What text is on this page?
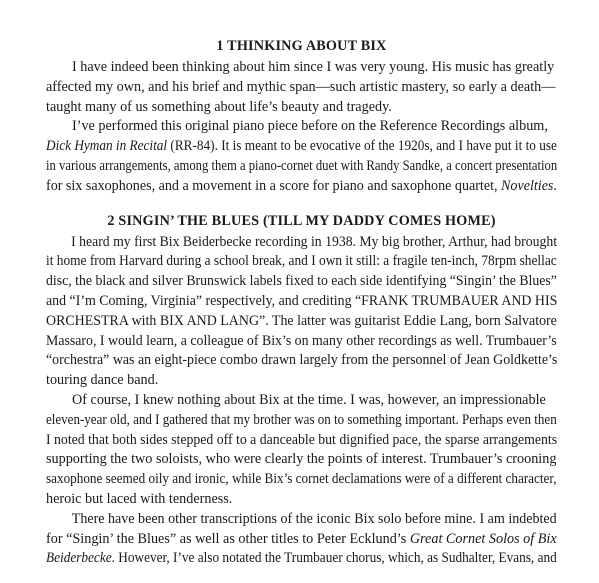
1 THINKING ABOUT BIX

I have indeed been thinking about him since I was very young. His music has greatly
affected my own, and his brief and mythic span—such artistic mastery, so early a death—
taught many of us something about life’s beauty and tragedy.

I’ve performed this original piano piece before on the Reference Recordings album,
Dick Hyman in Recital (RR-84). It is meant to be evocative of the 1920s, and I have put it to use
in various arrangements, among them a piano-cornet duet with Randy Sandke, a concert presentation
for six saxophones, and a movement in a score for piano and saxophone quartet, Novelties.

2 SINGIN’ THE BLUES (TILL MY DADDY COMES HOME)

I heard my first Bix Beiderbecke recording in 1938. My big brother, Arthur, had brought
it home from Harvard during a school break, and I own it still: a fragile ten-inch, 78rpm shellac
disc, the black and silver Brunswick labels fixed to each side identifying “Singin’ the Blues”
and “I’m Coming, Virginia” respectively, and crediting “FRANK TRUMBAUER AND HIS
ORCHESTRA with BIX AND LANG”. The latter was guitarist Eddie Lang, born Salvatore
Massaro, I would learn, a colleague of Bix’s on many other recordings as well. Trumbauer’s
“orchestra” was an eight-piece combo drawn largely from the personnel of Jean Goldkette’s
touring dance band.

Of course, I knew nothing about Bix at the time. I was, however, an impressionable
eleven-year old, and I gathered that my brother was on to something important. Perhaps even then
I noted that both sides stepped off to a danceable but dignified pace, the sparse arrangements
supporting the two soloists, who were clearly the points of interest. Trumbauer’s crooning
saxophone seemed oily and ironic, while Bix’s cornet declamations were of a different character,
heroic but laced with tenderness.

There have been other transcriptions of the iconic Bix solo before mine. I am indebted
for “Singin’ the Blues” as well as other titles to Peter Ecklund’s Great Cornet Solos of Bix
Beiderbecke. However, I’ve also notated the Trumbauer chorus, which, as Sudhalter, Evans, and
